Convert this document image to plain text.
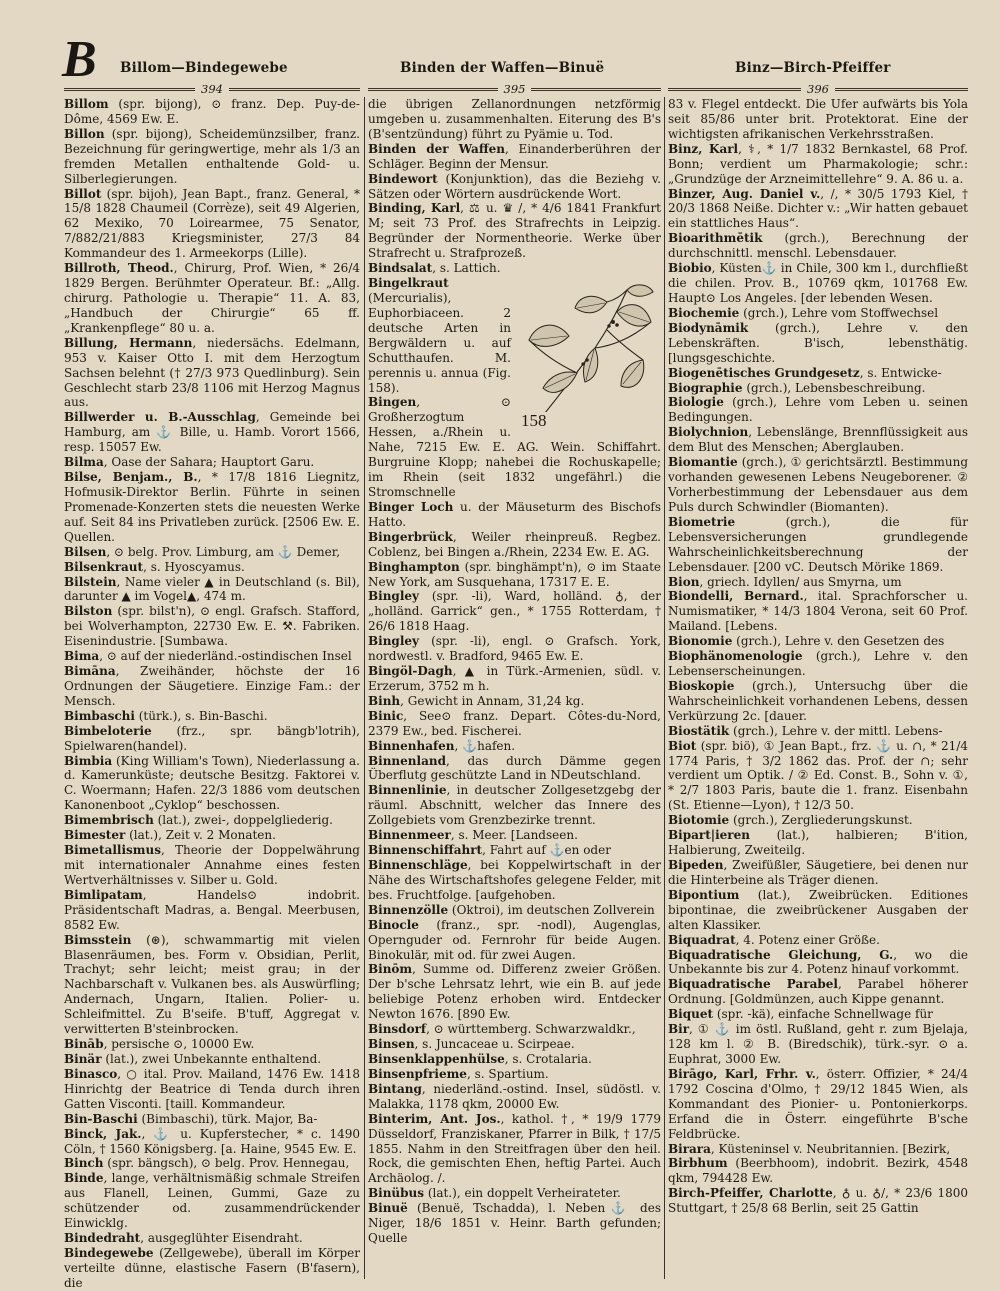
B Billom—Bindegewebe	Binden der Waffen—Binuë	Binz—Birch-Pfeiffer
394	395	396

Billom (spr. bijong), ⊙ franz. Dep. Puy-de-Dôme, 4569 Ew. E.

Billon (spr. bijong), Scheidemünzsilber, franz. Bezeichnung für geringwertige, mehr als 1/3 an fremden Metallen enthaltende Gold- u. Silberlegierungen.

Billot (spr. bijoh), Jean Bapt., franz. General, * 15/8 1828 Chaumeil (Corrèze), seit 49 Algerien, 62 Mexiko, 70 Loirearmee, 75 Senator, 7/882/21/883 Kriegsminister, 27/3 84 Kommandeur des 1. Armeekorps (Lille).

Billroth, Theod., Chirurg, Prof. Wien, * 26/4 1829 Bergen. Berühmter Operateur. Bf.: „Allg. chirurg. Pathologie u. Therapie“ 11. A. 83, „Handbuch der Chirurgie“ 65 ff. „Krankenpflege“ 80 u. a.

Billung, Hermann, niedersächs. Edelmann, 953 v. Kaiser Otto I. mit dem Herzogtum Sachsen belehnt († 27/3 973 Quedlinburg). Sein Geschlecht starb 23/8 1106 mit Herzog Magnus aus.

Billwerder u. B.-Ausschlag, Gemeinde bei Hamburg, am ⚓ Bille, u. Hamb. Vorort 1566, resp. 15057 Ew.

Bilma, Oase der Sahara; Hauptort Garu.

Bilse, Benjam., B., * 17/8 1816 Liegnitz, Hofmusik-Direktor Berlin. Führte in seinen Promenade-Konzerten stets die neuesten Werke auf. Seit 84 ins Privatleben zurück. [2506 Ew. E. Quellen.

Bilsen, ⊙ belg. Prov. Limburg, am ⚓ Demer,

Bilsenkraut, s. Hyoscyamus.

Bilstein, Name vieler ▲ in Deutschland (s. Bil), darunter ▲ im Vogel▲, 474 m.

Bilston (spr. bilst'n), ⊙ engl. Grafsch. Stafford, bei Wolverhampton, 22730 Ew. E. ⚒. Fabriken. Eisenindustrie. [Sumbawa.

Bima, ⊙ auf der niederländ.-ostindischen Insel

Bimāna, Zweihänder, höchste der 16 Ordnungen der Säugetiere. Einzige Fam.: der Mensch.

Bimbaschi (türk.), s. Bin-Baschi.

Bimbeloterie (frz., spr. bängb'lotrih), Spielwaren(handel).

Bimbia (King William's Town), Niederlassung a. d. Kamerunküste; deutsche Besitzg. Faktorei v. C. Woermann; Hafen. 22/3 1886 vom deutschen Kanonenboot „Cyklop“ beschossen.

Bimembrisch (lat.), zwei-, doppelgliederig.

Bimester (lat.), Zeit v. 2 Monaten.

Bimetallismus, Theorie der Doppelwährung mit internationaler Annahme eines festen Wertverhältnisses v. Silber u. Gold.

Bimlipatam, Handels⊙ indobrit. Präsidentschaft Madras, a. Bengal. Meerbusen, 8582 Ew.

Bimsstein (⊛), schwammartig mit vielen Blasenräumen, bes. Form v. Obsidian, Perlit, Trachyt; sehr leicht; meist grau; in der Nachbarschaft v. Vulkanen bes. als Auswürfling; Andernach, Ungarn, Italien. Polier- u. Schleifmittel. Zu B'seife. B'tuff, Aggregat v. verwitterten B'steinbrocken.

Bināb, persische ⊙, 10000 Ew.

Binär (lat.), zwei Unbekannte enthaltend.

Binasco, ○ ital. Prov. Mailand, 1476 Ew. 1418 Hinrichtg der Beatrice di Tenda durch ihren Gatten Visconti. [taill. Kommandeur.

Bin-Baschi (Bimbaschi), türk. Major, Ba-

Binck, Jak., ⚓ u. Kupferstecher, * c. 1490 Cöln, † 1560 Königsberg. [a. Haine, 9545 Ew. E.

Binch (spr. bängsch), ⊙ belg. Prov. Hennegau,

Binde, lange, verhältnismäßig schmale Streifen aus Flanell, Leinen, Gummi, Gaze zu schützender od. zusammendrückender Einwicklg.

Bindedraht, ausgeglühter Eisendraht.

Bindegewebe (Zellgewebe), überall im Körper verteilte dünne, elastische Fasern (B'fasern), die

die übrigen Zellanordnungen netzförmig umgeben u. zusammenhalten. Eiterung des B's (B'sentzündung) führt zu Pyämie u. Tod.

Binden der Waffen, Einanderberühren der Schläger. Beginn der Mensur.

Bindewort (Konjunktion), das die Beziehg v. Sätzen oder Wörtern ausdrückende Wort.

Binding, Karl, ⚖ u. ♛ /, * 4/6 1841 Frankfurt M; seit 73 Prof. des Strafrechts in Leipzig. Begründer der Normentheorie. Werke über Strafrecht u. Strafprozeß.

Bindsalat, s. Lattich.

158

Bingelkraut (Mercurialis), Euphorbiaceen. 2 deutsche Arten in Bergwäldern u. auf Schutthaufen. M. perennis u. annua (Fig. 158).

Bingen, ⊙ Großherzogtum Hessen, a./Rhein u. Nahe, 7215 Ew. E. AG. Wein. Schiffahrt. Burgruine Klopp; nahebei die Rochuskapelle; im Rhein (seit 1832 ungefährl.) die Stromschnelle

Binger Loch u. der Mäuseturm des Bischofs Hatto.

Bingerbrück, Weiler rheinpreuß. Regbez. Coblenz, bei Bingen a./Rhein, 2234 Ew. E. AG.

Binghampton (spr. binghämpt'n), ⊙ im Staate New York, am Susquehana, 17317 E. E.

Bingley (spr. -li), Ward, holländ. ♁, der „holländ. Garrick“ gen., * 1755 Rotterdam, † 26/6 1818 Haag.

Bingley (spr. -li), engl. ⊙ Grafsch. York, nordwestl. v. Bradford, 9465 Ew. E.

Bingöl-Dagh, ▲ in Türk.-Armenien, südl. v. Erzerum, 3752 m h.

Binh, Gewicht in Annam, 31,24 kg.

Binic, See⊙ franz. Depart. Côtes-du-Nord, 2379 Ew., bed. Fischerei.

Binnenhafen, ⚓hafen.

Binnenland, das durch Dämme gegen Überflutg geschützte Land in NDeutschland.

Binnenlinie, in deutscher Zollgesetzgebg der räuml. Abschnitt, welcher das Innere des Zollgebiets vom Grenzbezirke trennt.

Binnenmeer, s. Meer. [Landseen.

Binnenschiffahrt, Fahrt auf ⚓en oder

Binnenschläge, bei Koppelwirtschaft in der Nähe des Wirtschaftshofes gelegene Felder, mit bes. Fruchtfolge. [aufgehoben.

Binnenzölle (Oktroi), im deutschen Zollverein

Binocle (franz., spr. -nodl), Augenglas, Opernguder od. Fernrohr für beide Augen. Binokulär, mit od. für zwei Augen.

Binōm, Summe od. Differenz zweier Größen. Der b'sche Lehrsatz lehrt, wie ein B. auf jede beliebige Potenz erhoben wird. Entdecker Newton 1676. [890 Ew.

Binsdorf, ⊙ württemberg. Schwarzwaldkr.,

Binsen, s. Juncaceae u. Scirpeae.

Binsenklappenhülse, s. Crotalaria.

Binsenpfrieme, s. Spartium.

Bintang, niederländ.-ostind. Insel, südöstl. v. Malakka, 1178 qkm, 20000 Ew.

Binterim, Ant. Jos., kathol. †, * 19/9 1779 Düsseldorf, Franziskaner, Pfarrer in Bilk, † 17/5 1855. Nahm in den Streitfragen über den heil. Rock, die gemischten Ehen, heftig Partei. Auch Archäolog. /.

Binübus (lat.), ein doppelt Verheirateter.

Binuë (Benuë, Tschadda), l. Neben⚓ des Niger, 18/6 1851 v. Heinr. Barth gefunden; Quelle

83 v. Flegel entdeckt. Die Ufer aufwärts bis Yola seit 85/86 unter brit. Protektorat. Eine der wichtigsten afrikanischen Verkehrsstraßen.

Binz, Karl, ⚕, * 1/7 1832 Bernkastel, 68 Prof. Bonn; verdient um Pharmakologie; schr.: „Grundzüge der Arzneimittellehre“ 9. A. 86 u. a.

Binzer, Aug. Daniel v., /, * 30/5 1793 Kiel, † 20/3 1868 Neiße. Dichter v.: „Wir hatten gebauet ein stattliches Haus“.

Bioarithmētik (grch.), Berechnung der durchschnittl. menschl. Lebensdauer.

Biobio, Küsten⚓ in Chile, 300 km l., durchfließt die chilen. Prov. B., 10769 qkm, 101768 Ew. Haupt⊙ Los Angeles. [der lebenden Wesen.

Biochemie (grch.), Lehre vom Stoffwechsel

Biodynāmik (grch.), Lehre v. den Lebenskräften. B'isch, lebensthätig. [lungsgeschichte.

Biogenētisches Grundgesetz, s. Entwicke-

Biographie (grch.), Lebensbeschreibung.

Biologie (grch.), Lehre vom Leben u. seinen Bedingungen.

Biolychnion, Lebenslänge, Brennflüssigkeit aus dem Blut des Menschen; Aberglauben.

Biomantie (grch.), ① gerichtsärztl. Bestimmung vorhanden gewesenen Lebens Neugeborener. ② Vorherbestimmung der Lebensdauer aus dem Puls durch Schwindler (Biomanten).

Biometrie (grch.), die für Lebensversicherungen grundlegende Wahrscheinlichkeitsberechnung der Lebensdauer. [200 vC. Deutsch Mörike 1869.

Bion, griech. Idyllen/ aus Smyrna, um

Biondelli, Bernard., ital. Sprachforscher u. Numismatiker, * 14/3 1804 Verona, seit 60 Prof. Mailand. [Lebens.

Bionomie (grch.), Lehre v. den Gesetzen des

Biophänomenologie (grch.), Lehre v. den Lebenserscheinungen.

Bioskopie (grch.), Untersuchg über die Wahrscheinlichkeit vorhandenen Lebens, dessen Verkürzung 2c. [dauer.

Biostätik (grch.), Lehre v. der mittl. Lebens-

Biot (spr. biö), ① Jean Bapt., frz. ⚓ u. ∩, * 21/4 1774 Paris, † 3/2 1862 das. Prof. der ∩; sehr verdient um Optik. / ② Ed. Const. B., Sohn v. ①, * 2/7 1803 Paris, baute die 1. franz. Eisenbahn (St. Etienne—Lyon), † 12/3 50.

Biotomie (grch.), Zergliederungskunst.

Bipart|ieren (lat.), halbieren; B'ition, Halbierung, Zweiteilg.

Bipeden, Zweifüßler, Säugetiere, bei denen nur die Hinterbeine als Träger dienen.

Bipontium (lat.), Zweibrücken. Editiones bipontinae, die zweibrückener Ausgaben der alten Klassiker.

Biquadrat, 4. Potenz einer Größe.

Biquadratische Gleichung, G., wo die Unbekannte bis zur 4. Potenz hinauf vorkommt.

Biquadratische Parabel, Parabel höherer Ordnung. [Goldmünzen, auch Kippe genannt.

Biquet (spr. -kä), einfache Schnellwage für

Bir, ① ⚓ im östl. Rußland, geht r. zum Bjelaja, 128 km l. ② B. (Biredschik), türk.-syr. ⊙ a. Euphrat, 3000 Ew.

Birāgo, Karl, Frhr. v., österr. Offizier, * 24/4 1792 Coscina d'Olmo, † 29/12 1845 Wien, als Kommandant des Pionier- u. Pontonierkorps. Erfand die in Österr. eingeführte B'sche Feldbrücke.

Birara, Küsteninsel v. Neubritannien. [Bezirk,

Birbhum (Beerbhoom), indobrit. Bezirk, 4548 qkm, 794428 Ew.

Birch-Pfeiffer, Charlotte, ♁ u. ♁/, * 23/6 1800 Stuttgart, † 25/8 68 Berlin, seit 25 Gattin
